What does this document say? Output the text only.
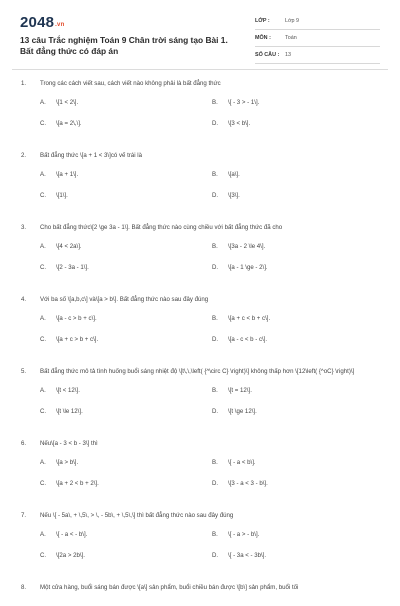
2048.vn
13 câu Trắc nghiệm Toán 9 Chân trời sáng tạo Bài 1. Bất đẳng thức có đáp án
LỚP :	Lớp 9
MÔN :	Toán
SỐ CÂU : 13
1. Trong các cách viết sau, cách viết nào không phải là bất đẳng thức
A. \[1 < 2\].	B. \[ - 3 > - 1\].
C. \[a = 2\,\].	D. \[3 < b\].
2. Bất đẳng thức \[a + 1 < 3\]có vế trái là
A. \[a + 1\].	B. \[a\].
C. \[1\].	D. \[3\].
3. Cho bất đẳng thức\[2 \ge 3a - 1\]. Bất đẳng thức nào cùng chiều với bất đẳng thức đã cho
A. \[4 < 2a\].	B. \[3a - 2 \le 4\].
C. \[2 - 3a - 1\].	D. \[a - 1 \ge - 2\].
4. Với ba số \[a,b,c\] và\[a > b\]. Bất đẳng thức nào sau đây đúng
A. \[a - c > b + c\].	B. \[a + c < b + c\].
C. \[a + c > b + c\].	D. \[a - c < b - c\].
5. Bất đẳng thức mô tả tình huống buổi sáng nhiệt độ \[t\,\,\left( {^\circ C} \right)\] không thấp hơn \[12\left( {^oC} \right)\]
A. \[t < 12\].	B. \[t = 12\].
C. \[t \le 12\].	D. \[t \ge 12\].
6. Nếu\[a - 3 < b - 3\] thì
A. \[a > b\].	B. \[ - a < b\].
C. \[a + 2 < b + 2\].	D. \[3 - a < 3 - b\].
7. Nếu \[ - 5a\, + \,5\, > \, - 5b\, + \,5\,\] thì bất đẳng thức nào sau đây đúng
A. \[ - a < - b\].	B. \[ - a > - b\].
C. \[2a > 2b\].	D. \[ - 3a < - 3b\].
8. Một cửa hàng, buổi sáng bán được \[a\] sản phẩm, buổi chiều bán được \[b\] sản phẩm, buổi tối
